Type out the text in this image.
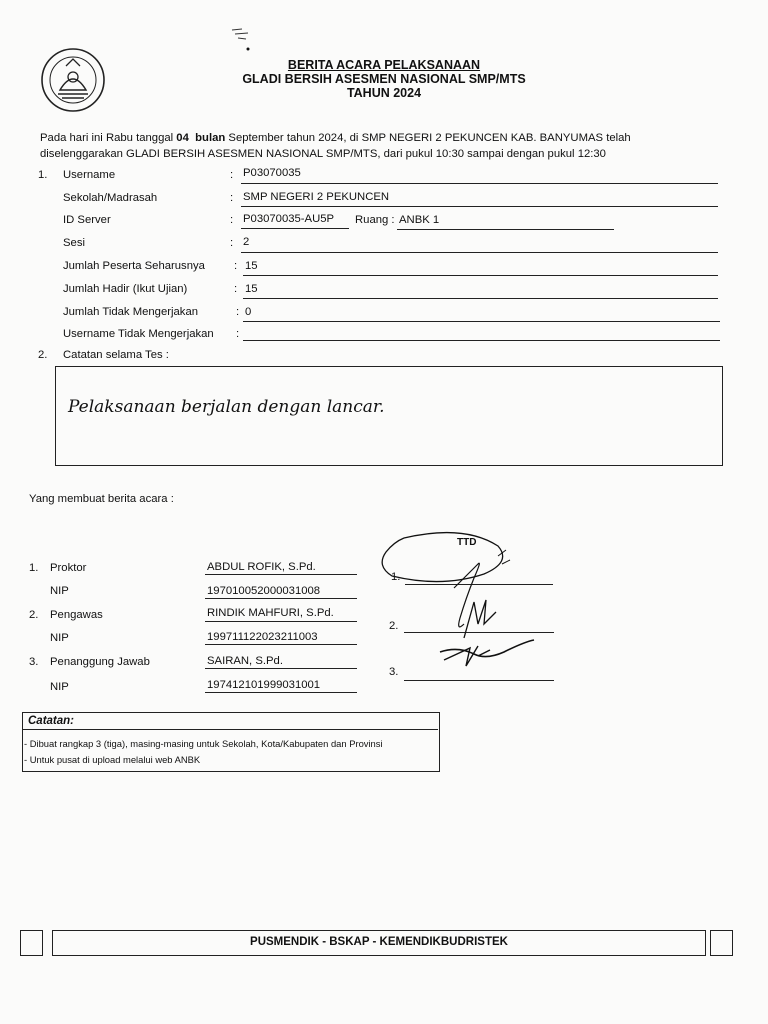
BERITA ACARA PELAKSANAAN
GLADI BERSIH ASESMEN NASIONAL SMP/MTS
TAHUN 2024
Pada hari ini Rabu tanggal 04 bulan September tahun 2024, di SMP NEGERI 2 PEKUNCEN KAB. BANYUMAS telah
diselenggarakan GLADI BERSIH ASESMEN NASIONAL SMP/MTS, dari pukul 10:30 sampai dengan pukul 12:30
1. Username	: P03070035
Sekolah/Madrasah	: SMP NEGERI 2 PEKUNCEN
ID Server	: P03070035-AU5P Ruang : ANBK 1
Sesi	: 2
Jumlah Peserta Seharusnya	: 15
Jumlah Hadir (Ikut Ujian)	: 15
Jumlah Tidak Mengerjakan	: 0
Username Tidak Mengerjakan :
2. Catatan selama Tes :
Pelaksanaan berjalan dengan lancar.
Yang membuat berita acara :
1. Proktor	ABDUL ROFIK, S.Pd.
NIP	197010052000031008
2. Pengawas	RINDIK MAHFURI, S.Pd.
NIP	199711122023211003
3. Penanggung Jawab	SAIRAN, S.Pd.
NIP	197412101999031001
TTD
1.
2.
3.
Catatan:
- Dibuat rangkap 3 (tiga), masing-masing untuk Sekolah, Kota/Kabupaten dan Provinsi
- Untuk pusat di upload melalui web ANBK
PUSMENDIK - BSKAP - KEMENDIKBUDRISTEK
